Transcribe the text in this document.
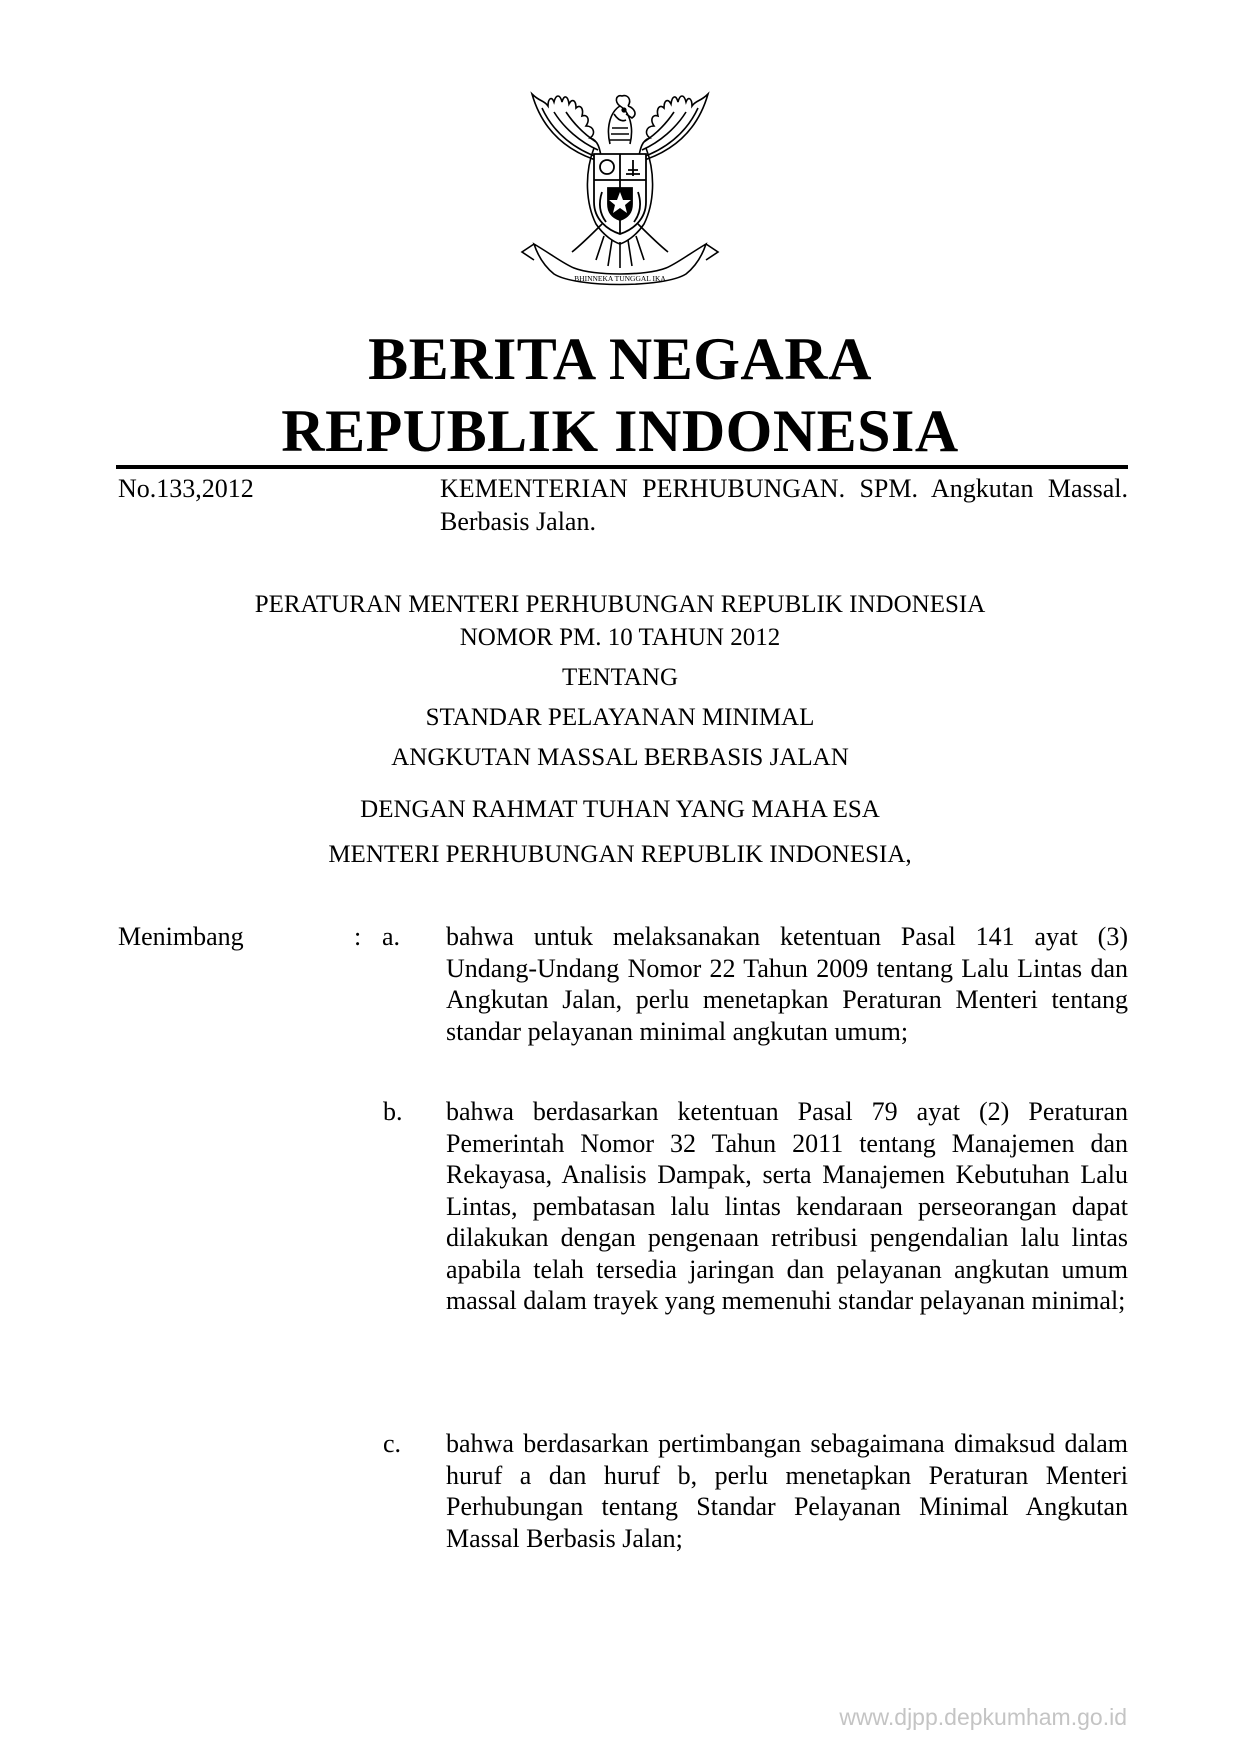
BHINNEKA TUNGGAL IKA
BERITA NEGARA
REPUBLIK INDONESIA
No.133,2012	KEMENTERIAN PERHUBUNGAN. SPM. Angkutan Massal. Berbasis Jalan.
PERATURAN MENTERI PERHUBUNGAN REPUBLIK INDONESIA
NOMOR PM. 10 TAHUN 2012
TENTANG
STANDAR PELAYANAN MINIMAL
ANGKUTAN MASSAL BERBASIS JALAN
DENGAN RAHMAT TUHAN YANG MAHA ESA
MENTERI PERHUBUNGAN REPUBLIK INDONESIA,
Menimbang	: a. bahwa untuk melaksanakan ketentuan Pasal 141 ayat (3) Undang-Undang Nomor 22 Tahun 2009 tentang Lalu Lintas dan Angkutan Jalan, perlu menetapkan Peraturan Menteri tentang standar pelayanan minimal angkutan umum;
b. bahwa berdasarkan ketentuan Pasal 79 ayat (2) Peraturan Pemerintah Nomor 32 Tahun 2011 tentang Manajemen dan Rekayasa, Analisis Dampak, serta Manajemen Kebutuhan Lalu Lintas, pembatasan lalu lintas kendaraan perseorangan dapat dilakukan dengan pengenaan retribusi pengendalian lalu lintas apabila telah tersedia jaringan dan pelayanan angkutan umum massal dalam trayek yang memenuhi standar pelayanan minimal;
c. bahwa berdasarkan pertimbangan sebagaimana dimaksud dalam huruf a dan huruf b, perlu menetapkan Peraturan Menteri Perhubungan tentang Standar Pelayanan Minimal Angkutan Massal Berbasis Jalan;
www.djpp.depkumham.go.id
